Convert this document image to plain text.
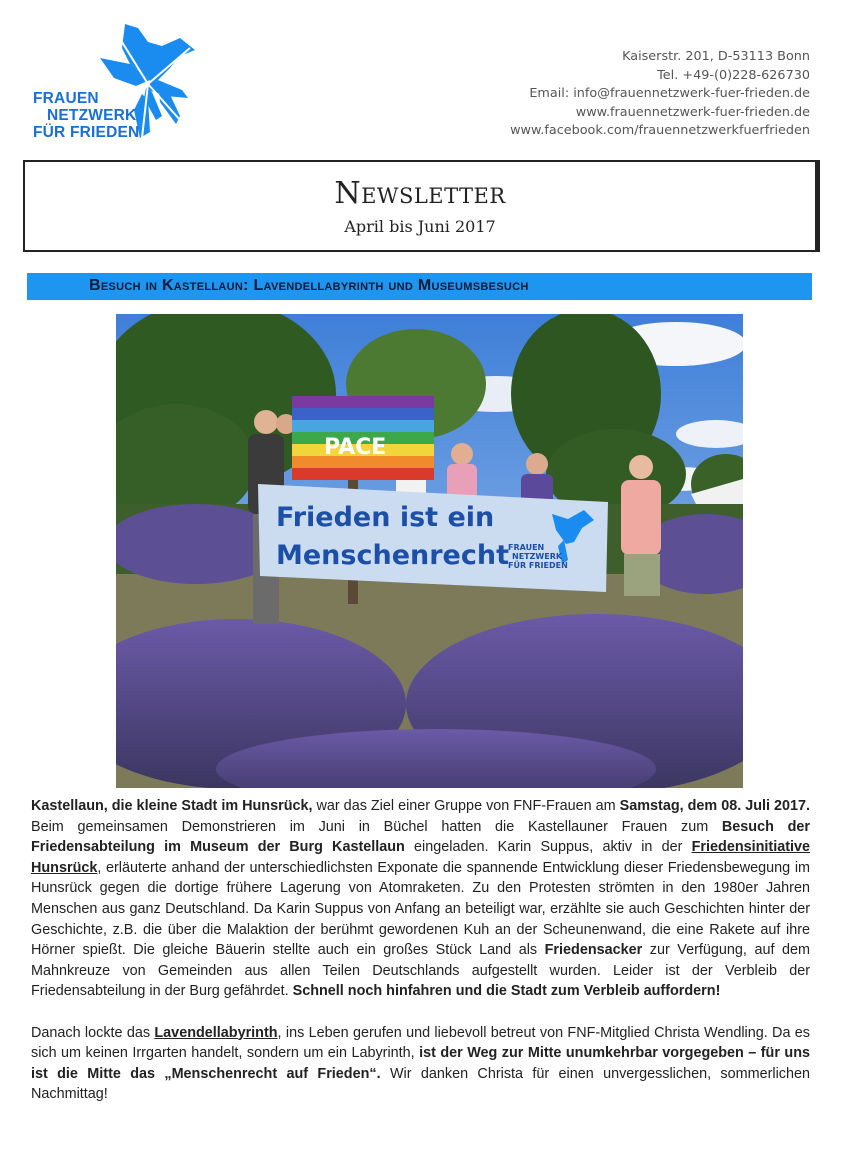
FRAUEN
NETZWERK
FÜR FRIEDEN
Kaiserstr. 201, D-53113 Bonn
Tel. +49-(0)228-626730
Email: info@frauennetzwerk-fuer-frieden.de
www.frauennetzwerk-fuer-frieden.de
www.facebook.com/frauennetzwerkfuerfrieden
Newsletter
April bis Juni 2017
Besuch in Kastellaun: Lavendellabyrinth und Museumsbesuch
PACE
Frieden ist ein
Menschenrecht FRAUEN
NETZWERK
FÜR FRIEDEN

Kastellaun, die kleine Stadt im Hunsrück, war das Ziel einer Gruppe von FNF-Frauen am Samstag, dem 08. Juli 2017. Beim gemeinsamen Demonstrieren im Juni in Büchel hatten die Kastellauner Frauen zum Besuch der Friedensabteilung im Museum der Burg Kastellaun eingeladen. Karin Suppus, aktiv in der Friedensinitiative Hunsrück, erläuterte anhand der unterschiedlichsten Exponate die spannende Entwicklung dieser Friedensbewegung im Hunsrück gegen die dortige frühere Lagerung von Atomraketen. Zu den Protesten strömten in den 1980er Jahren Menschen aus ganz Deutschland. Da Karin Suppus von Anfang an beteiligt war, erzählte sie auch Geschichten hinter der Geschichte, z.B. die über die Malaktion der berühmt gewordenen Kuh an der Scheunenwand, die eine Rakete auf ihre Hörner spießt. Die gleiche Bäuerin stellte auch ein großes Stück Land als Friedensacker zur Verfügung, auf dem Mahnkreuze von Gemeinden aus allen Teilen Deutschlands aufgestellt wurden. Leider ist der Verbleib der Friedensabteilung in der Burg gefährdet. Schnell noch hinfahren und die Stadt zum Verbleib auffordern!

Danach lockte das Lavendellabyrinth, ins Leben gerufen und liebevoll betreut von FNF-Mitglied Christa Wendling. Da es sich um keinen Irrgarten handelt, sondern um ein Labyrinth, ist der Weg zur Mitte unumkehrbar vorgegeben – für uns ist die Mitte das „Menschenrecht auf Frieden“. Wir danken Christa für einen unvergesslichen, sommerlichen Nachmittag!
